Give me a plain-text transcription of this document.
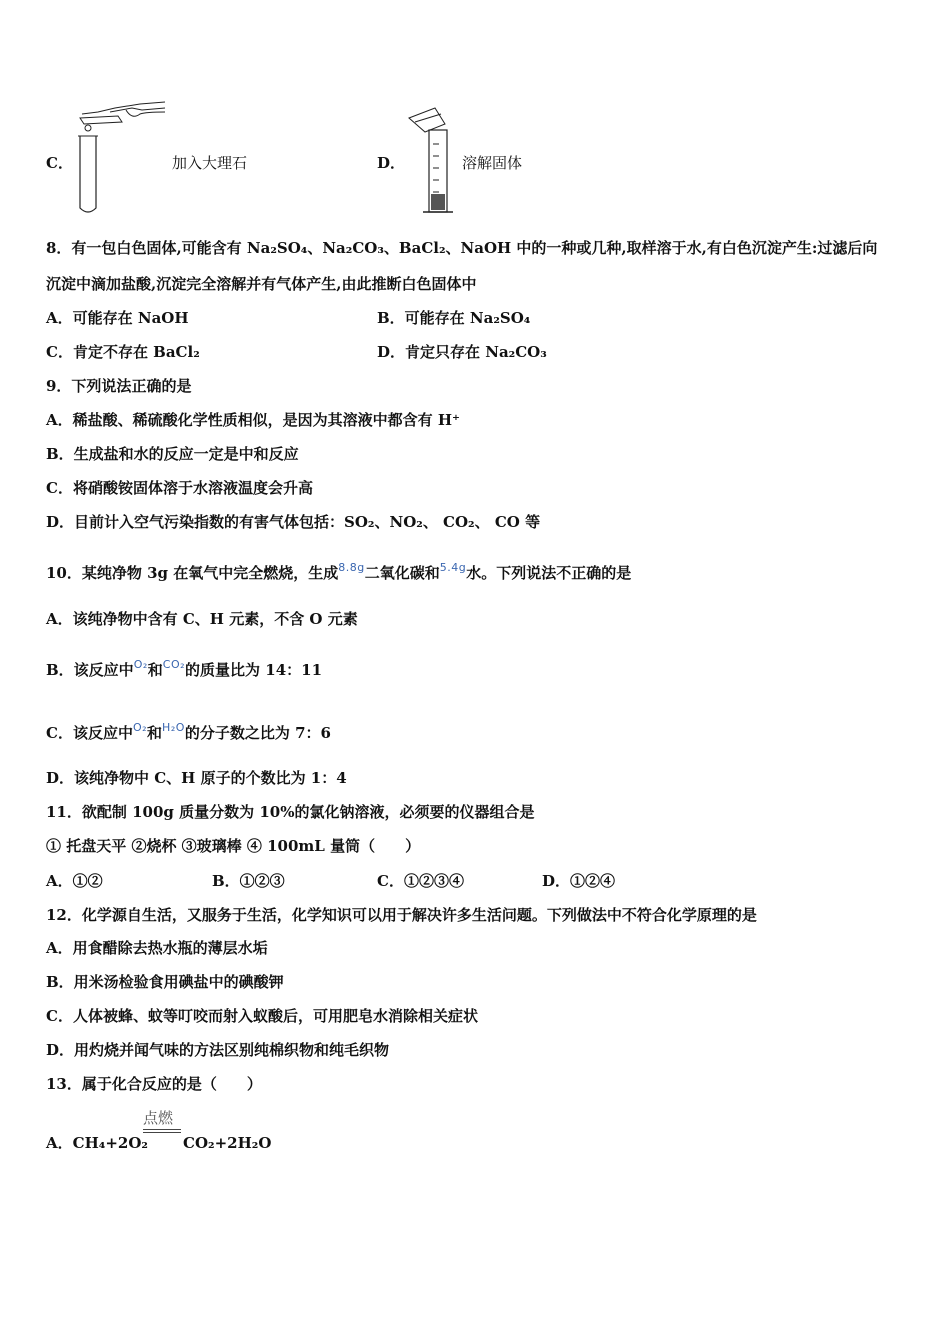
C．	加入大理石	D．	溶解固体
8．有一包白色固体,可能含有 Na₂SO₄、Na₂CO₃、BaCl₂、NaOH 中的一种或几种,取样溶于水,有白色沉淀产生:过滤后向
沉淀中滴加盐酸,沉淀完全溶解并有气体产生,由此推断白色固体中
A．可能存在 NaOH	B．可能存在 Na₂SO₄
C．肯定不存在 BaCl₂	D．肯定只存在 Na₂CO₃
9．下列说法正确的是
A．稀盐酸、稀硫酸化学性质相似，是因为其溶液中都含有 H⁺
B．生成盐和水的反应一定是中和反应
C．将硝酸铵固体溶于水溶液温度会升高
D．目前计入空气污染指数的有害气体包括：SO₂、NO₂、 CO₂、 CO 等
10．某纯净物 3g 在氧气中完全燃烧，生成8.8g二氧化碳和5.4g水。下列说法不正确的是
A．该纯净物中含有 C、H 元素，不含 O 元素
B．该反应中O₂和CO₂的质量比为 14：11
C．该反应中O₂和H₂O的分子数之比为 7：6
D．该纯净物中 C、H 原子的个数比为 1：4
11．欲配制 100g 质量分数为 10%的氯化钠溶液，必须要的仪器组合是
① 托盘天平 ②烧杯 ③玻璃棒 ④ 100mL 量筒（　　）
A．①②	B．①②③	C．①②③④	D．①②④
12．化学源自生活，又服务于生活，化学知识可以用于解决许多生活问题。下列做法中不符合化学原理的是
A．用食醋除去热水瓶的薄层水垢
B．用米汤检验食用碘盐中的碘酸钾
C．人体被蜂、蚊等叮咬而射入蚁酸后，可用肥皂水消除相关症状
D．用灼烧并闻气味的方法区别纯棉织物和纯毛织物
13．属于化合反应的是（　　）
A．CH₄+2O₂
点燃
CO₂+2H₂O
